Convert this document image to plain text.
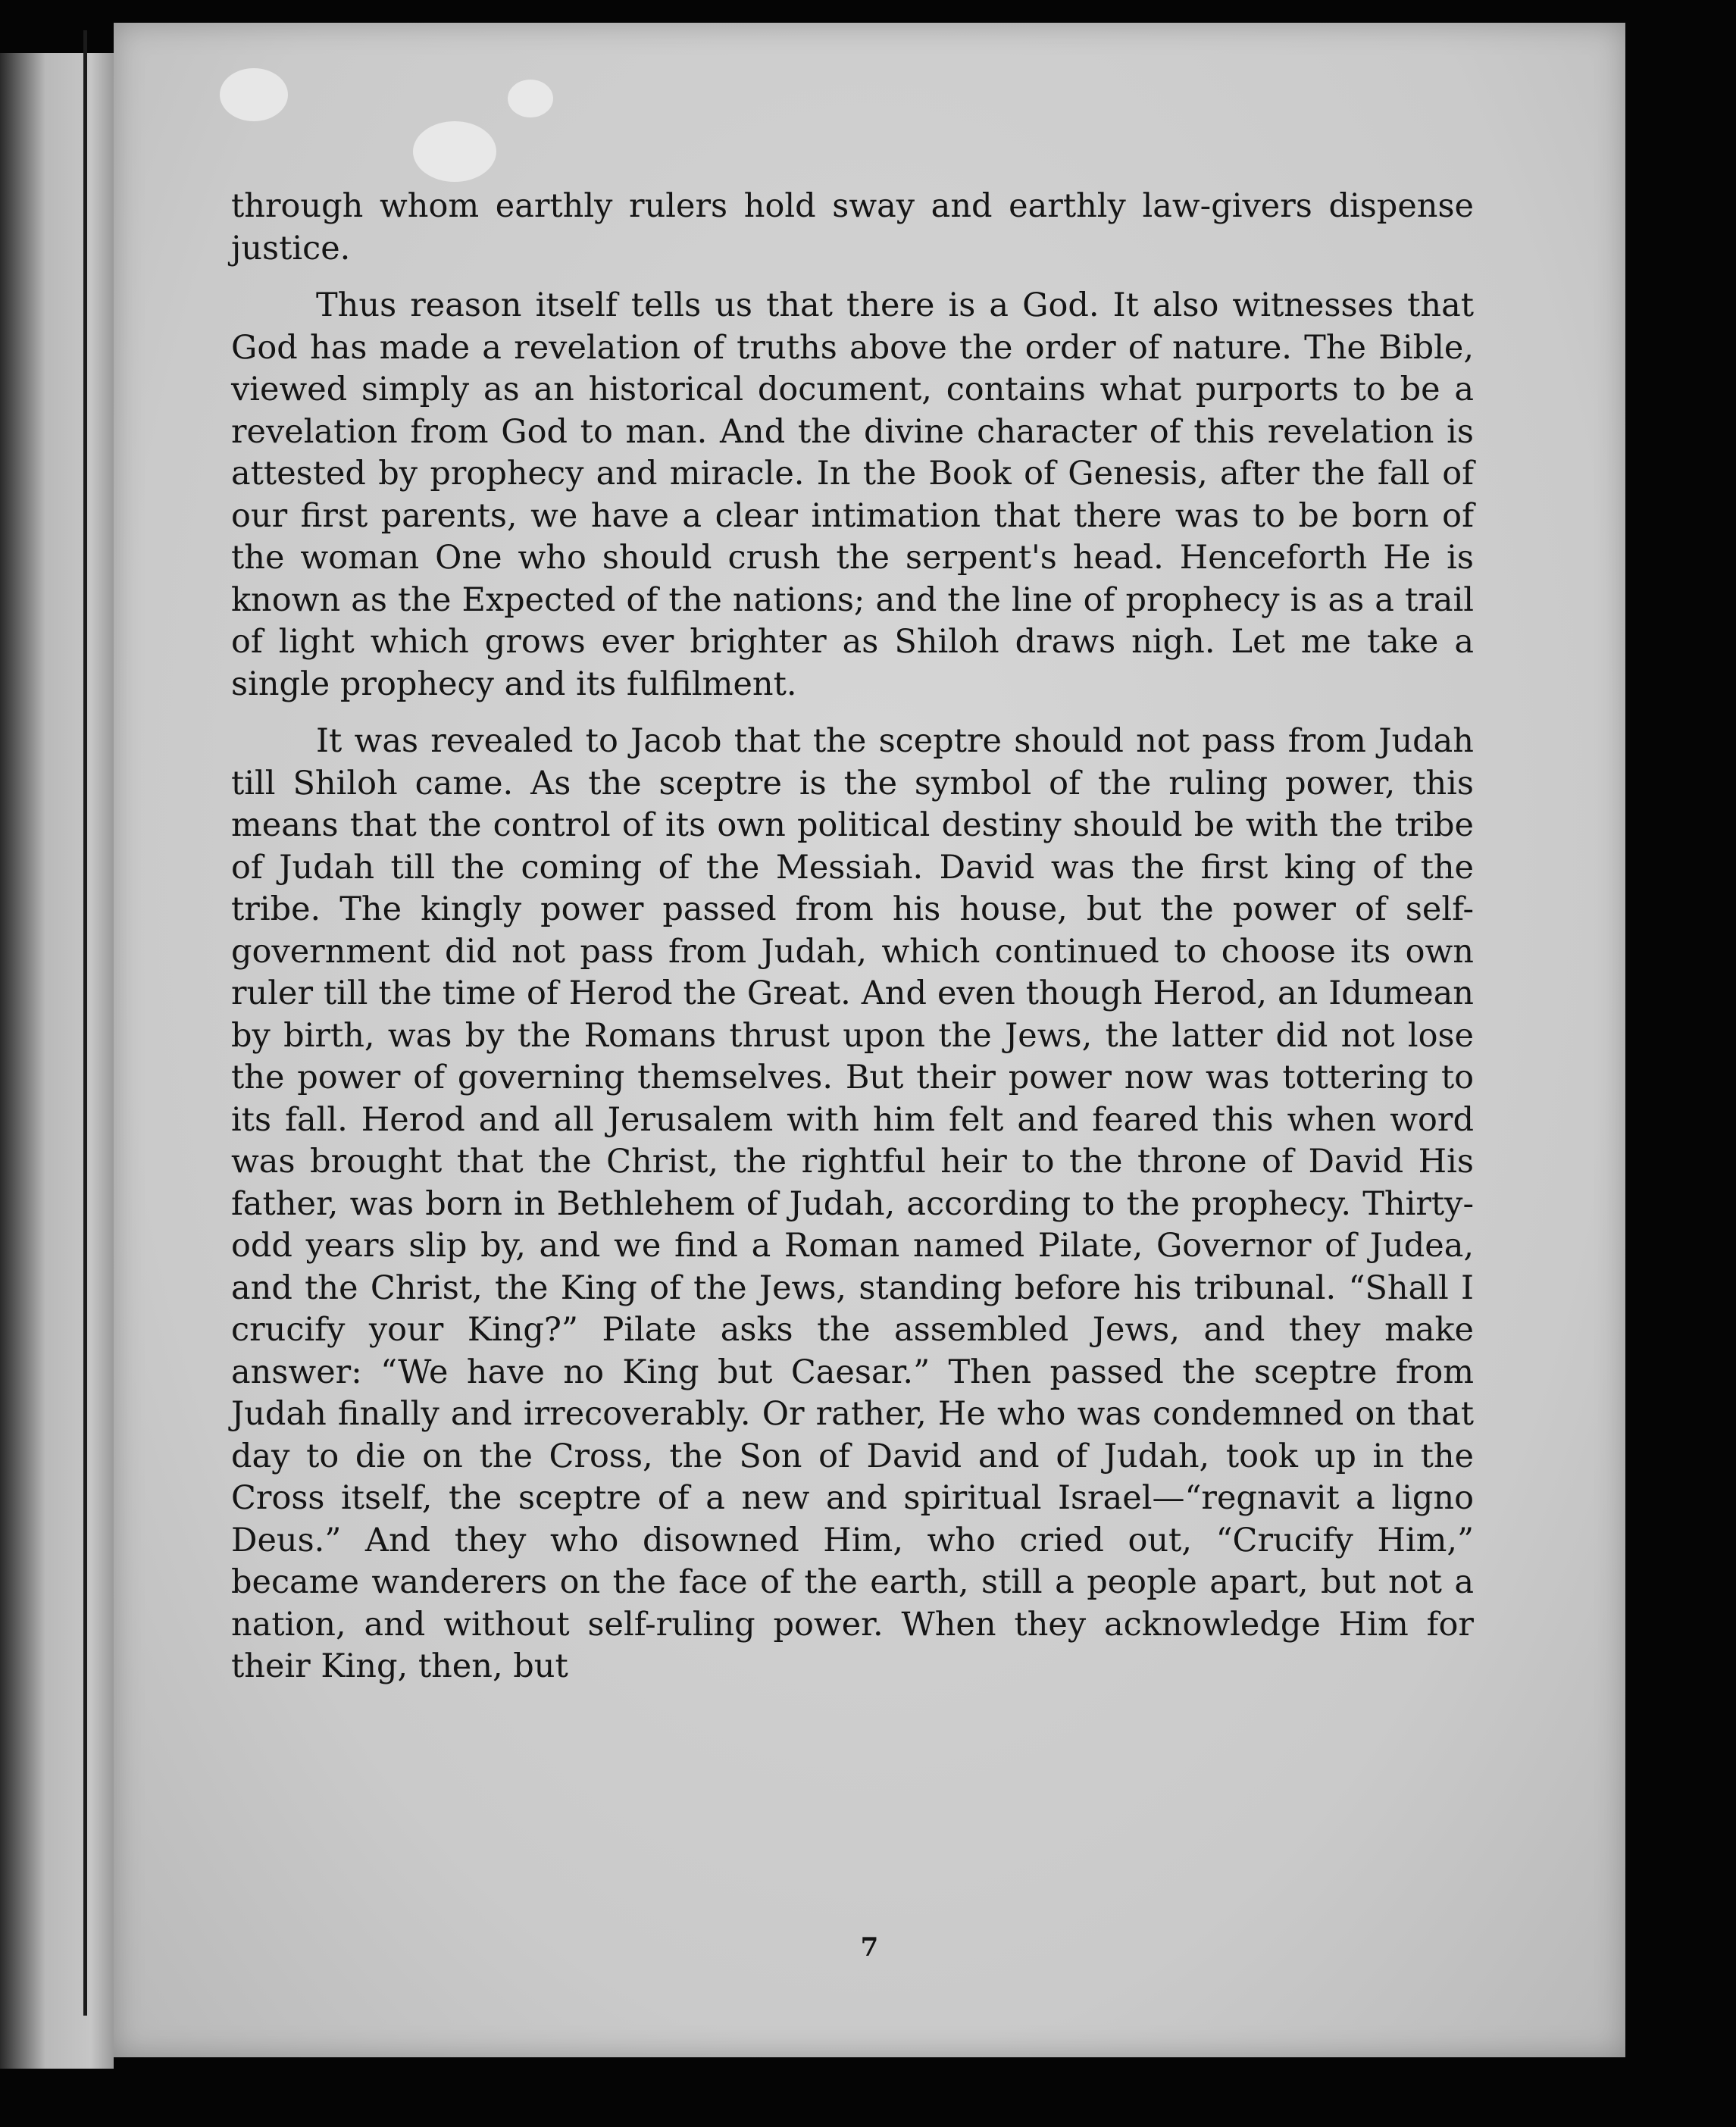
through whom earthly rulers hold sway and earthly law-givers dispense justice.

Thus reason itself tells us that there is a God. It also witnesses that God has made a revelation of truths above the order of nature. The Bible, viewed simply as an historical document, contains what purports to be a revelation from God to man. And the divine character of this revelation is attested by prophecy and miracle. In the Book of Genesis, after the fall of our first parents, we have a clear intimation that there was to be born of the woman One who should crush the serpent's head. Henceforth He is known as the Expected of the nations; and the line of prophecy is as a trail of light which grows ever brighter as Shiloh draws nigh. Let me take a single prophecy and its fulfilment.

It was revealed to Jacob that the sceptre should not pass from Judah till Shiloh came. As the sceptre is the symbol of the ruling power, this means that the control of its own political destiny should be with the tribe of Judah till the coming of the Messiah. David was the first king of the tribe. The kingly power passed from his house, but the power of self-government did not pass from Judah, which continued to choose its own ruler till the time of Herod the Great. And even though Herod, an Idumean by birth, was by the Romans thrust upon the Jews, the latter did not lose the power of governing themselves. But their power now was tottering to its fall. Herod and all Jerusalem with him felt and feared this when word was brought that the Christ, the rightful heir to the throne of David His father, was born in Bethlehem of Judah, according to the prophecy. Thirty-odd years slip by, and we find a Roman named Pilate, Governor of Judea, and the Christ, the King of the Jews, standing before his tribunal. “Shall I crucify your King?” Pilate asks the assembled Jews, and they make answer: “We have no King but Caesar.” Then passed the sceptre from Judah finally and irrecoverably. Or rather, He who was condemned on that day to die on the Cross, the Son of David and of Judah, took up in the Cross itself, the sceptre of a new and spiritual Israel—“regnavit a ligno Deus.” And they who disowned Him, who cried out, “Crucify Him,” became wanderers on the face of the earth, still a people apart, but not a nation, and without self-ruling power. When they acknowledge Him for their King, then, but

7
